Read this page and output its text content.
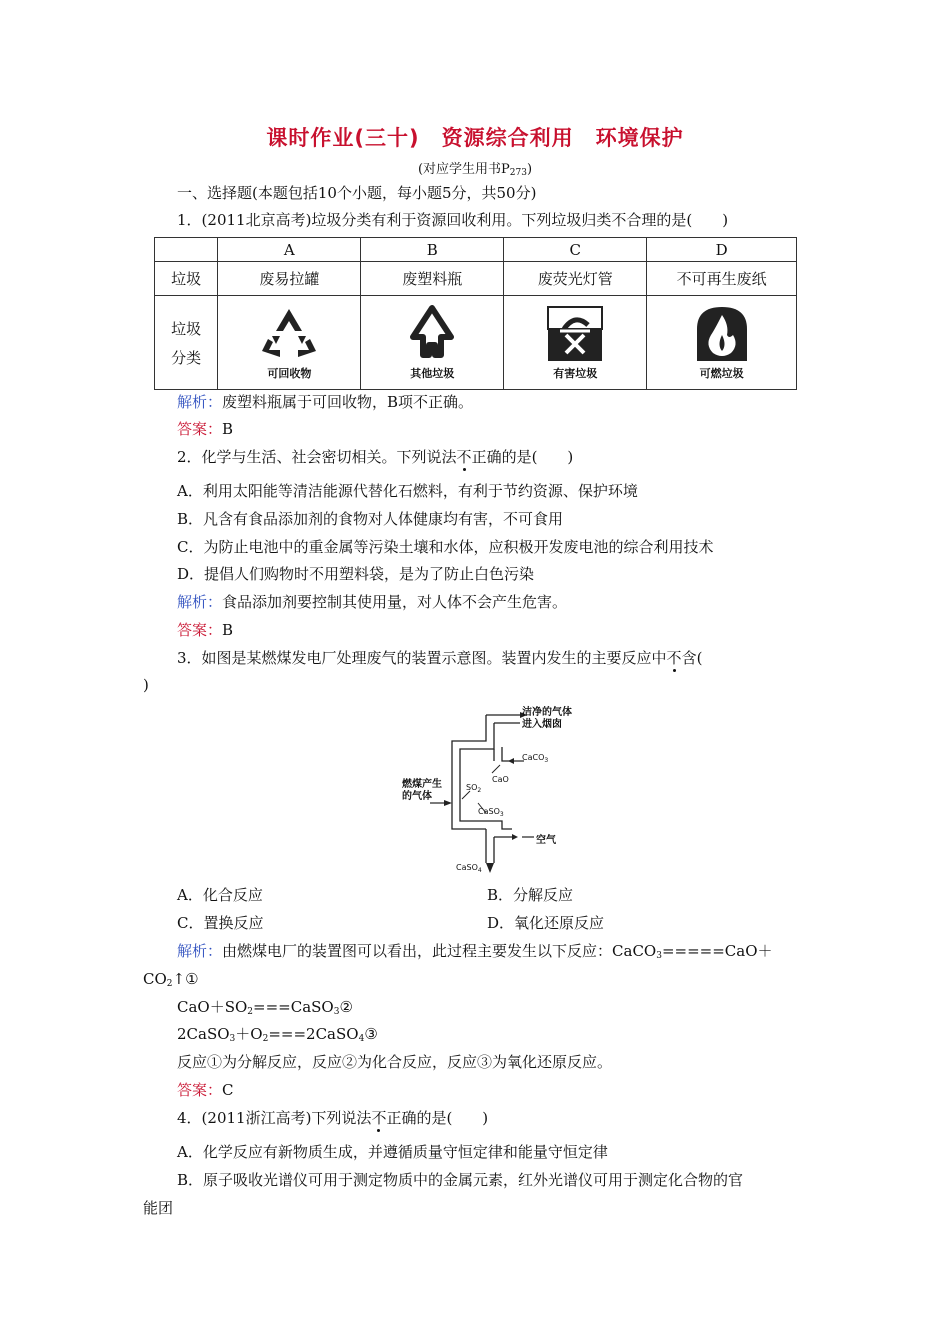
课时作业(三十)　资源综合利用　环境保护
(对应学生用书$P_{273}$)
一、选择题(本题包括10个小题，每小题5分，共50分)
1．(2011北京高考)垃圾分类有利于资源回收利用。下列垃圾归类不合理的是(　　)
	A	B	C	D
垃圾	废易拉罐	废塑料瓶	废荧光灯管	不可再生废纸

垃圾
分类	可回收物	其他垃圾	有害垃圾	可燃垃圾
解析：废塑料瓶属于可回收物，B项不正确。
答案：B
2．化学与生活、社会密切相关。下列说法不正确的是(　　)
A．利用太阳能等清洁能源代替化石燃料，有利于节约资源、保护环境
B．凡含有食品添加剂的食物对人体健康均有害，不可食用
C．为防止电池中的重金属等污染土壤和水体，应积极开发废电池的综合利用技术
D．提倡人们购物时不用塑料袋，是为了防止白色污染
解析：食品添加剂要控制其使用量，对人体不会产生危害。
答案：B
3．如图是某燃煤发电厂处理废气的装置示意图。装置内发生的主要反应中不含(
)
洁净的气体
进入烟囱
CaCO$_3$
CaO
燃煤产生
的气体
$SO_2$
CaSO$_3$
空气
CaSO$_4$
A．化合反应	B．分解反应
C．置换反应	D．氧化还原反应
解析：由燃煤电厂的装置图可以看出，此过程主要发生以下反应：CaCO$_3$=====CaO＋
$CO_2↑①$
$CaO+SO_2===CaSO_3②$
$2CaSO_3+O_2===2CaSO_4③$
反应①为分解反应，反应②为化合反应，反应③为氧化还原反应。
答案：C
4．(2011浙江高考)下列说法不正确的是(　　)
A．化学反应有新物质生成，并遵循质量守恒定律和能量守恒定律
B．原子吸收光谱仪可用于测定物质中的金属元素，红外光谱仪可用于测定化合物的官
能团
